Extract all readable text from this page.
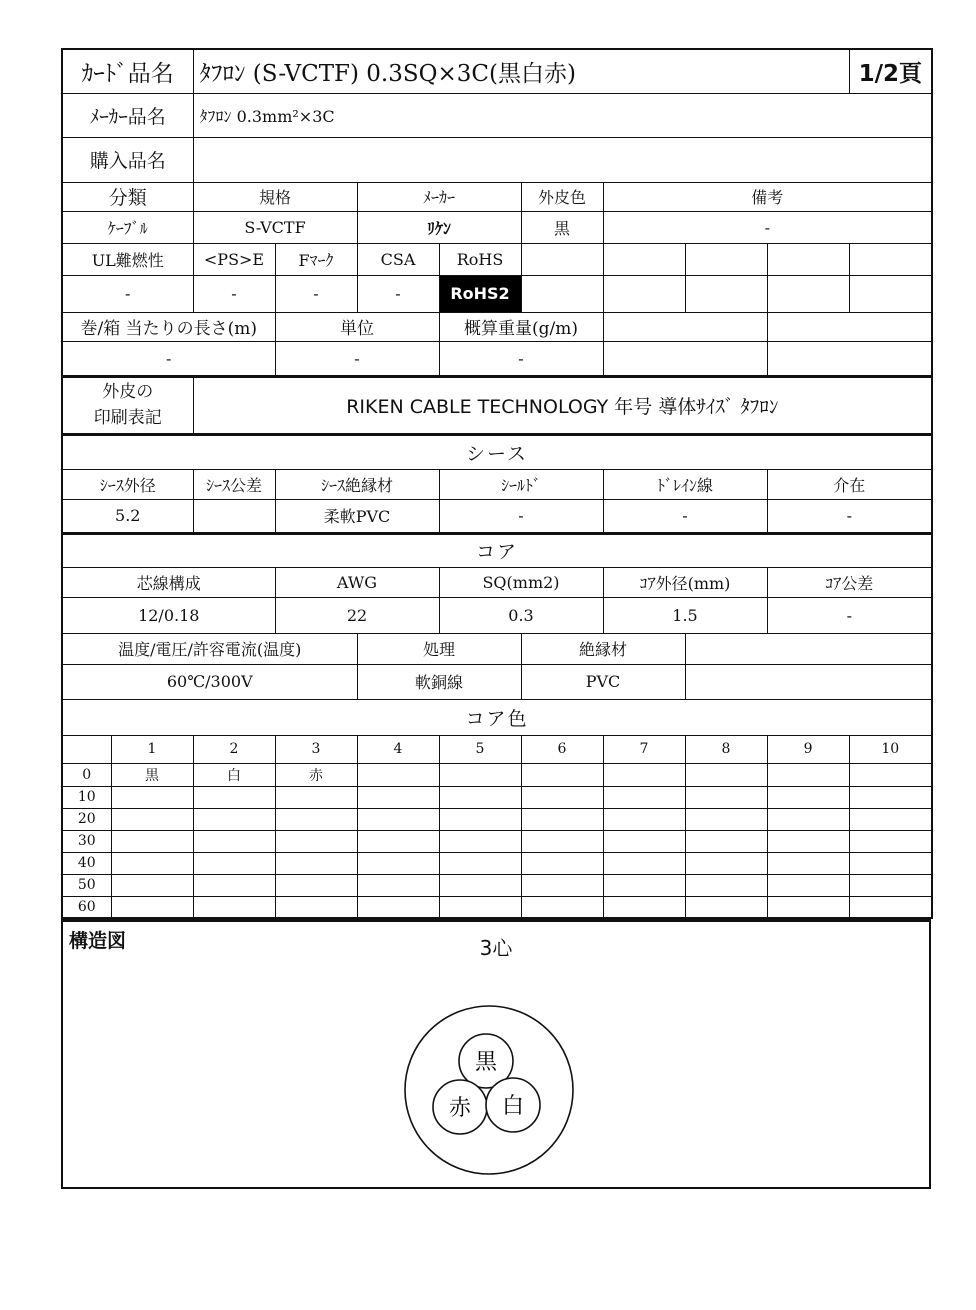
ｶｰﾄﾞ品名		ﾀﾌﾛﾝ (S-VCTF) 0.3SQ×3C(黒白赤)								1/2頁
ﾒｰｶｰ品名		ﾀﾌﾛﾝ 0.3mm²×3C								
購入品名										
分類		規格		ﾒｰｶｰ		外皮色	備考			
ｹｰﾌﾞﾙ		S-VCTF		ﾘｹﾝ		黒	-			
UL難燃性		<PS>E	Fﾏｰｸ	CSA	RoHS					
-		-	-	-	RoHS2					
巻/箱 当たりの長さ(m)			単位		概算重量(g/m)					
-			-		-					

外皮の
印刷表記		RIKEN CABLE TECHNOLOGY 年号 導体ｻｲｽﾞ ﾀﾌﾛﾝ								
シース										
ｼｰｽ外径		ｼｰｽ公差	ｼｰｽ絶縁材		ｼｰﾙﾄﾞ		ﾄﾞﾚｲﾝ線		介在	
5.2			柔軟PVC		-		-		-	
コア										
芯線構成			AWG		SQ(mm2)		ｺｱ外径(mm)		ｺｱ公差	
12/0.18			22		0.3		1.5		-	
温度/電圧/許容電流(温度)				処理		絶縁材				
60℃/300V				軟銅線		PVC				
コア色										
	1	2	3	4	5	6	7	8	9	10
0	黒	白	赤							
10										
20										
30										
40										
50										
60										
構造図	3心
黒
赤 白
